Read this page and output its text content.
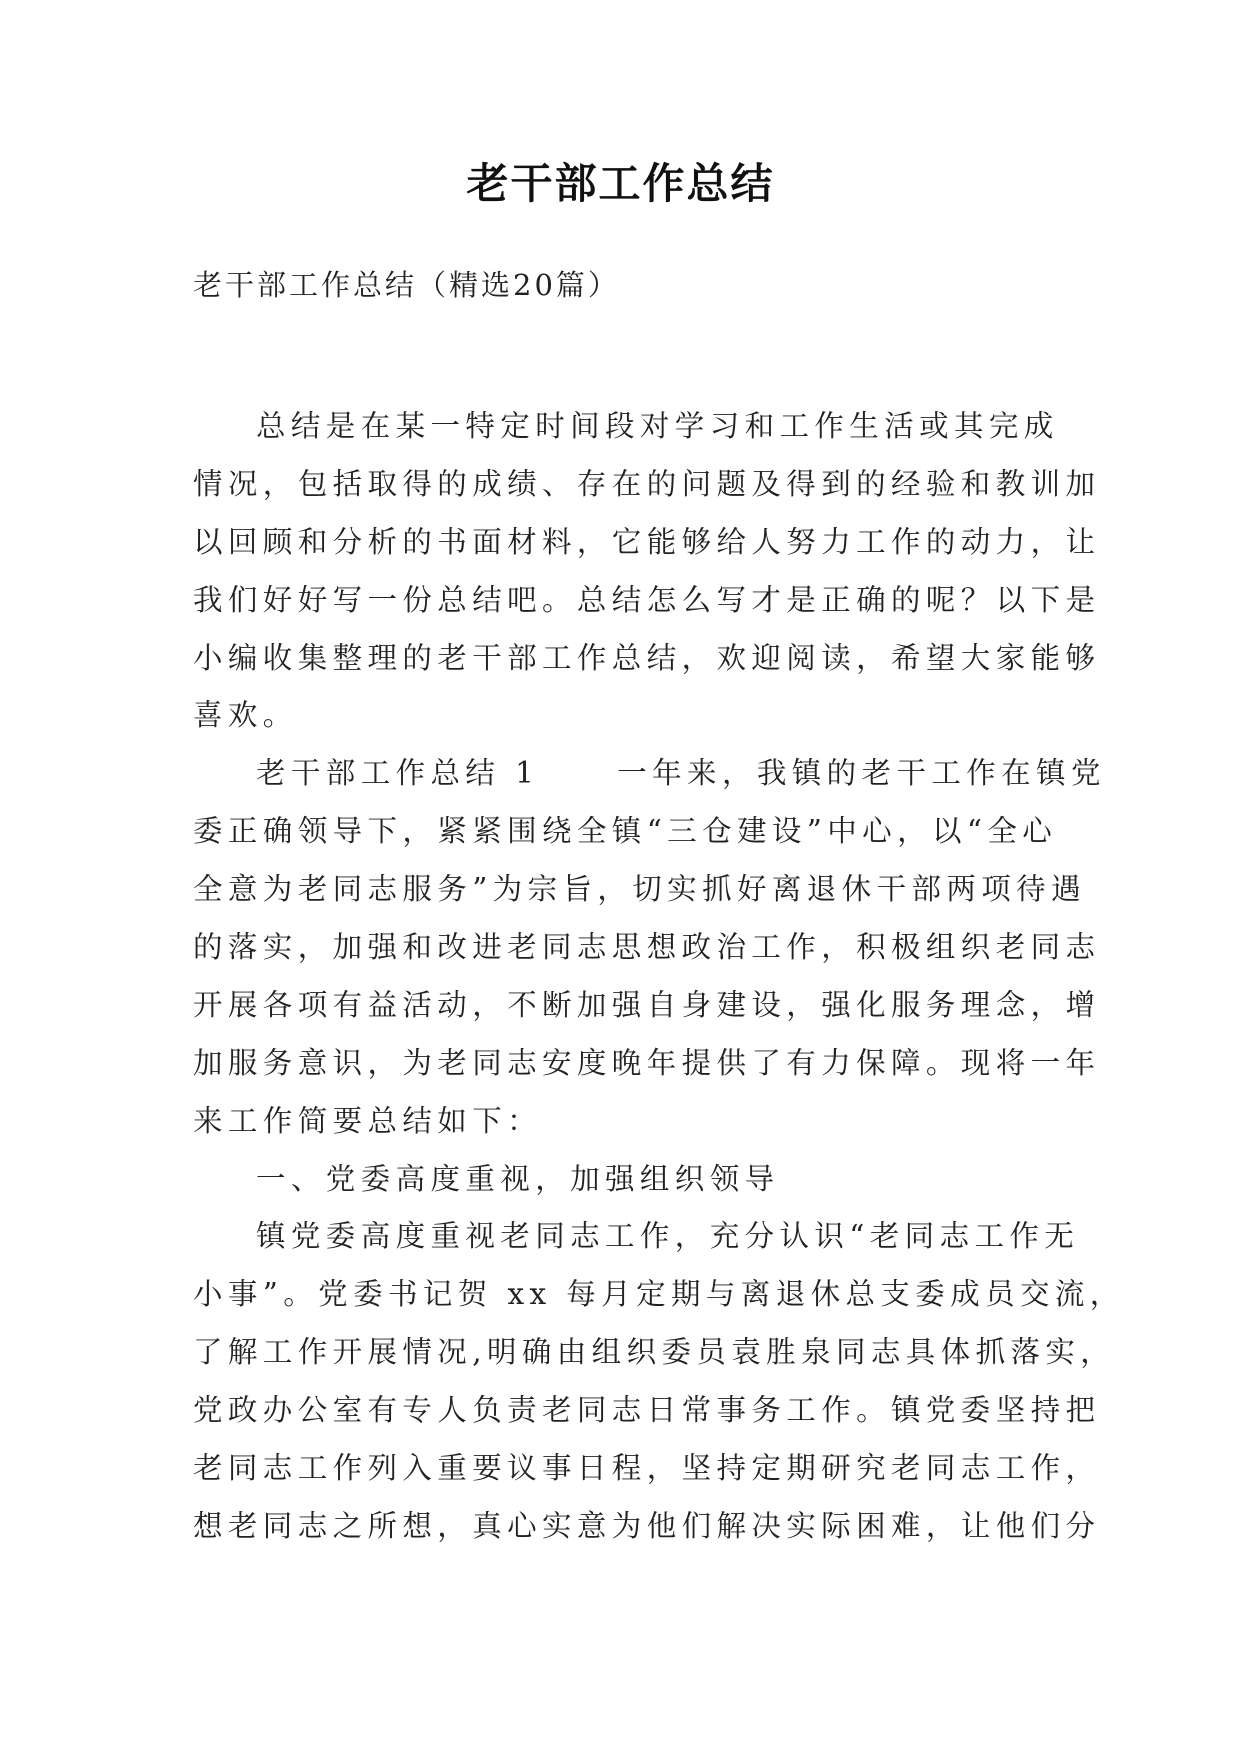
老干部工作总结
老干部工作总结（精选20篇）
总结是在某一特定时间段对学习和工作生活或其完成
情况，包括取得的成绩、存在的问题及得到的经验和教训加
以回顾和分析的书面材料，它能够给人努力工作的动力，让
我们好好写一份总结吧。总结怎么写才是正确的呢？以下是
小编收集整理的老干部工作总结，欢迎阅读，希望大家能够
喜欢。
老干部工作总结 1	一年来，我镇的老干工作在镇党
委正确领导下，紧紧围绕全镇“三仓建设”中心，以“全心
全意为老同志服务”为宗旨，切实抓好离退休干部两项待遇
的落实，加强和改进老同志思想政治工作，积极组织老同志
开展各项有益活动，不断加强自身建设，强化服务理念，增
加服务意识，为老同志安度晚年提供了有力保障。现将一年
来工作简要总结如下：
一、党委高度重视，加强组织领导
镇党委高度重视老同志工作，充分认识“老同志工作无
小事”。党委书记贺 xx 每月定期与离退休总支委成员交流，
了解工作开展情况,明确由组织委员袁胜泉同志具体抓落实，
党政办公室有专人负责老同志日常事务工作。镇党委坚持把
老同志工作列入重要议事日程，坚持定期研究老同志工作，
想老同志之所想，真心实意为他们解决实际困难，让他们分
